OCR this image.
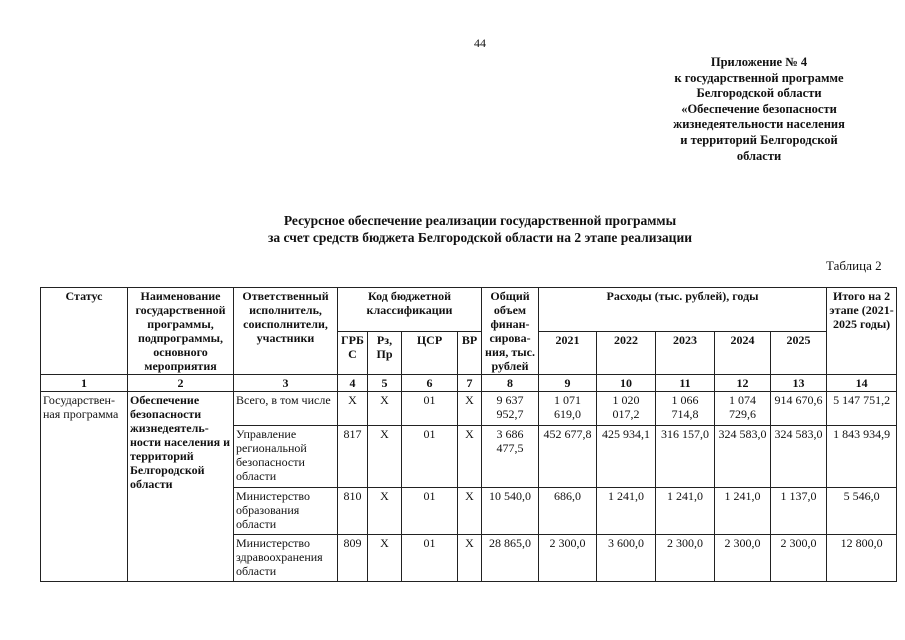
44
Приложение № 4
к государственной программе
Белгородской области
«Обеспечение безопасности
жизнедеятельности населения
и территорий Белгородской
области
Ресурсное обеспечение реализации государственной программы
за счет средств бюджета Белгородской области на 2 этапе реализации
Таблица 2
Статус	Наименование государственной программы, подпрограммы, основного мероприятия	Ответственный исполнитель, соисполнители, участники	Код бюджетной классификации				Общий объем финан-сирова-ния, тыс. рублей	Расходы (тыс. рублей), годы					Итого на 2 этапе (2021-2025 годы)
			ГРБС	Рз, Пр	ЦСР	ВР		2021	2022	2023	2024	2025	
1	2	3	4	5	6	7	8	9	10	11	12	13	14
Государствен-ная программа	Обеспечение безопасности жизнедеятель-ности населения и территорий Белгородской области	Всего, в том числе	Х	Х	01	Х	9 637 952,7	1 071 619,0	1 020 017,2	1 066 714,8	1 074 729,6	914 670,6	5 147 751,2
		Управление региональной безопасности области	817	Х	01	Х	3 686 477,5	452 677,8	425 934,1	316 157,0	324 583,0	324 583,0	1 843 934,9
		Министерство образования области	810	Х	01	Х	10 540,0	686,0	1 241,0	1 241,0	1 241,0	1 137,0	5 546,0
		Министерство здравоохранения области	809	Х	01	Х	28 865,0	2 300,0	3 600,0	2 300,0	2 300,0	2 300,0	12 800,0
